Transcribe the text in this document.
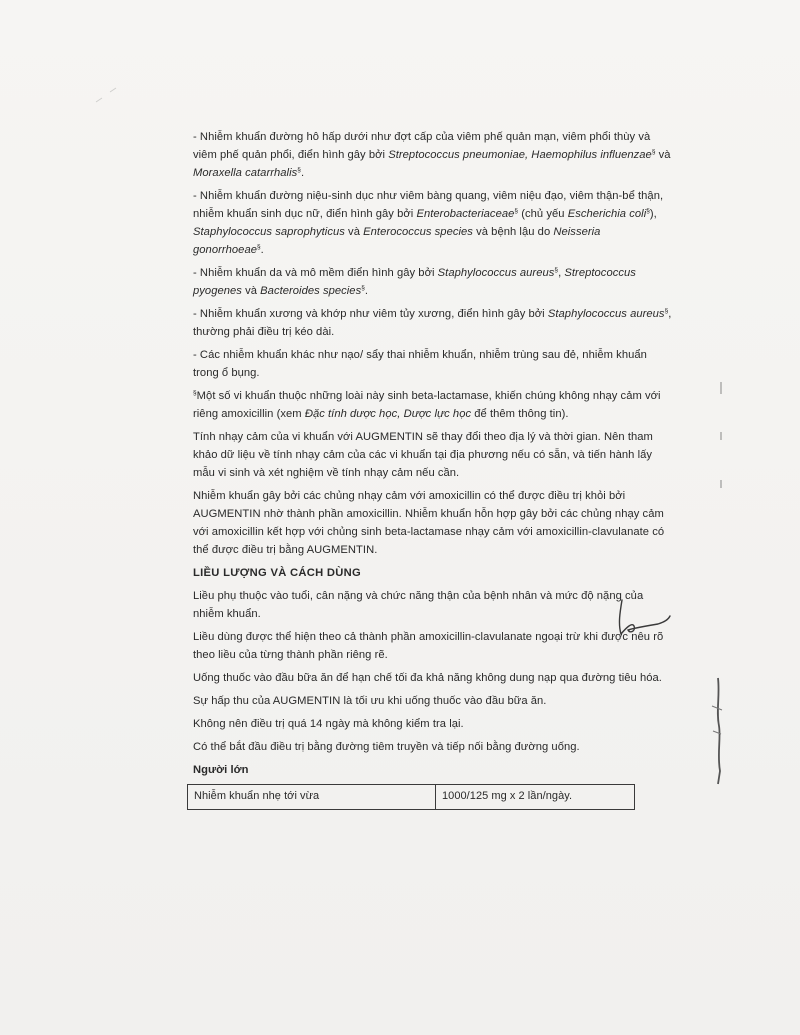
- Nhiễm khuẩn đường hô hấp dưới như đợt cấp của viêm phế quản mạn, viêm phổi thùy và viêm phế quản phổi, điển hình gây bởi Streptococcus pneumoniae, Haemophilus influenzae§ và Moraxella catarrhalis§.

- Nhiễm khuẩn đường niệu-sinh dục như viêm bàng quang, viêm niệu đạo, viêm thận-bể thận, nhiễm khuẩn sinh dục nữ, điển hình gây bởi Enterobacteriaceae§ (chủ yếu Escherichia coli§), Staphylococcus saprophyticus và Enterococcus species và bệnh lậu do Neisseria gonorrhoeae§.

- Nhiễm khuẩn da và mô mềm điển hình gây bởi Staphylococcus aureus§, Streptococcus pyogenes và Bacteroides species§.

- Nhiễm khuẩn xương và khớp như viêm tủy xương, điển hình gây bởi Staphylococcus aureus§, thường phải điều trị kéo dài.

- Các nhiễm khuẩn khác như nạo/ sẩy thai nhiễm khuẩn, nhiễm trùng sau đẻ, nhiễm khuẩn trong ổ bụng.

§Một số vi khuẩn thuộc những loài này sinh beta-lactamase, khiến chúng không nhạy cảm với riêng amoxicillin (xem Đặc tính dược học, Dược lực học để thêm thông tin).

Tính nhạy cảm của vi khuẩn với AUGMENTIN sẽ thay đổi theo địa lý và thời gian. Nên tham khảo dữ liệu về tính nhạy cảm của các vi khuẩn tại địa phương nếu có sẵn, và tiến hành lấy mẫu vi sinh và xét nghiệm về tính nhạy cảm nếu cần.

Nhiễm khuẩn gây bởi các chủng nhạy cảm với amoxicillin có thể được điều trị khỏi bởi AUGMENTIN nhờ thành phần amoxicillin. Nhiễm khuẩn hỗn hợp gây bởi các chủng nhạy cảm với amoxicillin kết hợp với chủng sinh beta-lactamase nhạy cảm với amoxicillin-clavulanate có thể được điều trị bằng AUGMENTIN.

LIỀU LƯỢNG VÀ CÁCH DÙNG

Liều phụ thuộc vào tuổi, cân nặng và chức năng thận của bệnh nhân và mức độ nặng của nhiễm khuẩn.

Liều dùng được thể hiện theo cả thành phần amoxicillin-clavulanate ngoại trừ khi được nêu rõ theo liều của từng thành phần riêng rẽ.

Uống thuốc vào đầu bữa ăn để hạn chế tối đa khả năng không dung nạp qua đường tiêu hóa.

Sự hấp thu của AUGMENTIN là tối ưu khi uống thuốc vào đầu bữa ăn.

Không nên điều trị quá 14 ngày mà không kiểm tra lại.

Có thể bắt đầu điều trị bằng đường tiêm truyền và tiếp nối bằng đường uống.

Người lớn

Nhiễm khuẩn nhẹ tới vừa	1000/125 mg x 2 lần/ngày.
